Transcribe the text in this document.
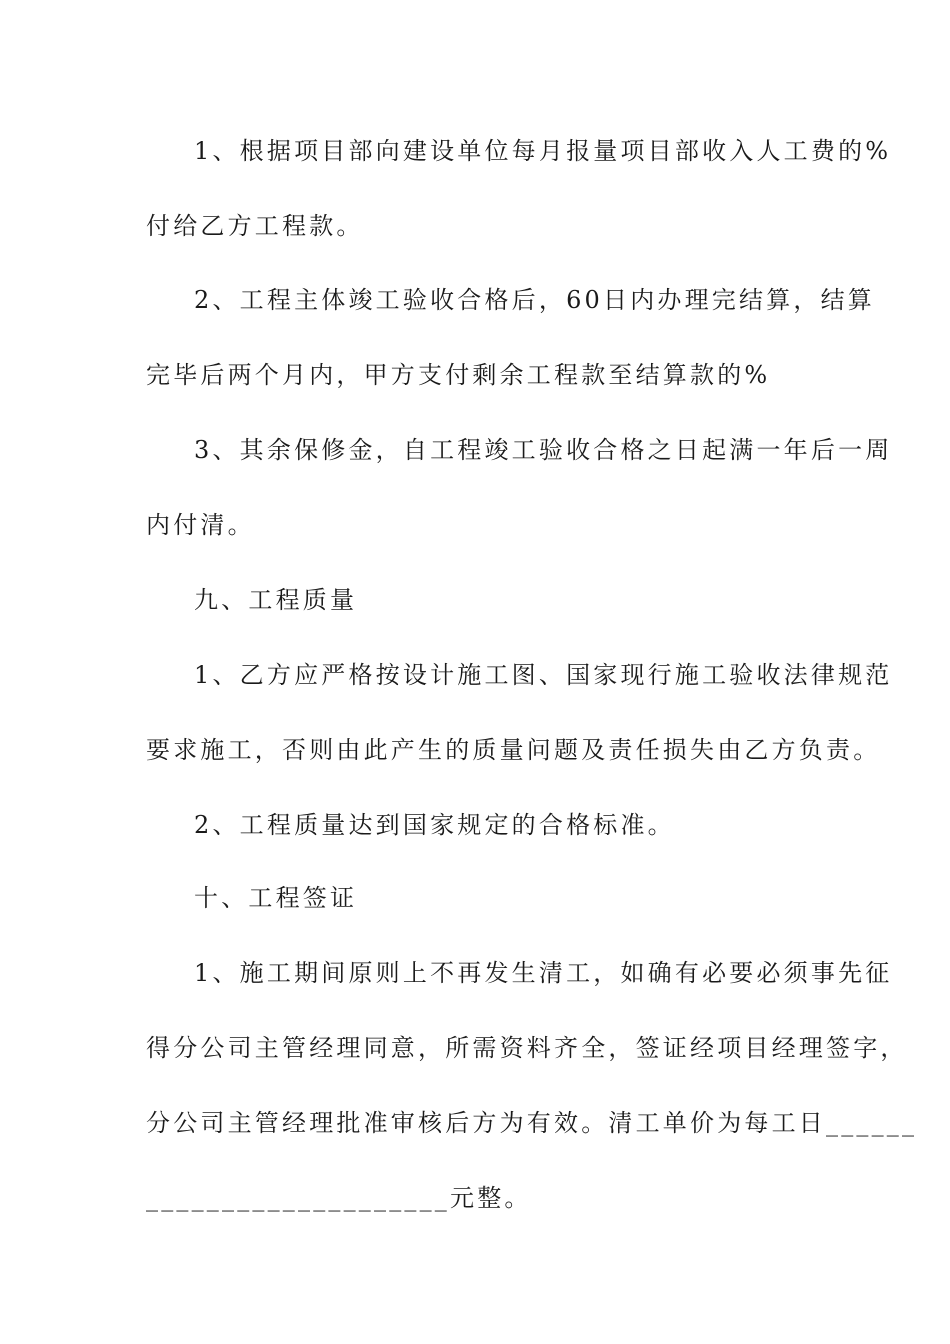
1、根据项目部向建设单位每月报量项目部收入人工费的%
付给乙方工程款。
2、工程主体竣工验收合格后，60日内办理完结算，结算
完毕后两个月内，甲方支付剩余工程款至结算款的%
3、其余保修金，自工程竣工验收合格之日起满一年后一周
内付清。
九、工程质量
1、乙方应严格按设计施工图、国家现行施工验收法律规范
要求施工，否则由此产生的质量问题及责任损失由乙方负责。
2、工程质量达到国家规定的合格标准。
十、工程签证
1、施工期间原则上不再发生清工，如确有必要必须事先征
得分公司主管经理同意，所需资料齐全，签证经项目经理签字，
分公司主管经理批准审核后方为有效。清工单价为每工日______
____________________元整。
